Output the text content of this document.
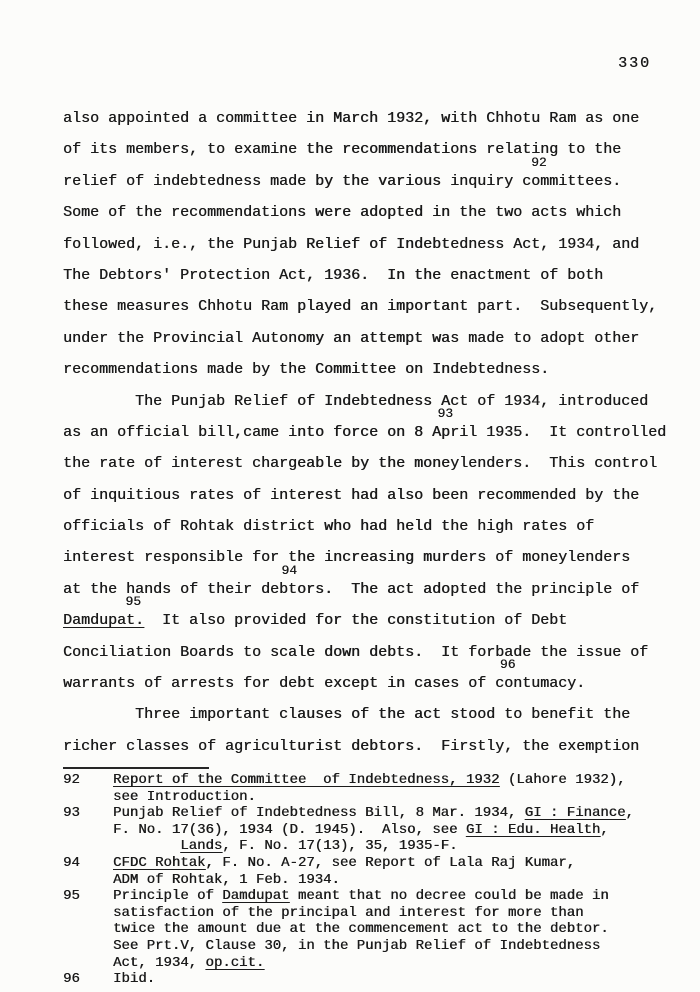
330
also appointed a committee in March 1932, with Chhotu Ram as one
of its members, to examine the recommendations relating to the
relief of indebtedness made by the various inquiry committees.
92
Some of the recommendations were adopted in the two acts which
followed, i.e., the Punjab Relief of Indebtedness Act, 1934, and
The Debtors' Protection Act, 1936.  In the enactment of both
these measures Chhotu Ram played an important part.  Subsequently,
under the Provincial Autonomy an attempt was made to adopt other
recommendations made by the Committee on Indebtedness.
The Punjab Relief of Indebtedness Act of 1934, introduced
as an official bill,came into force on 8 April 1935.  It controlled
93
the rate of interest chargeable by the moneylenders.  This control
of inquitious rates of interest had also been recommended by the
officials of Rohtak district who had held the high rates of
interest responsible for the increasing murders of moneylenders
at the hands of their debtors.  The act adopted the principle of
94
Damdupat.  It also provided for the constitution of Debt
95
Conciliation Boards to scale down debts.  It forbade the issue of
warrants of arrests for debt except in cases of contumacy.
96
Three important clauses of the act stood to benefit the
richer classes of agriculturist debtors.  Firstly, the exemption
92	Report of the Committee  of Indebtedness, 1932 (Lahore 1932),
see Introduction.
93	Punjab Relief of Indebtedness Bill, 8 Mar. 1934, GI : Finance,
F. No. 17(36), 1934 (D. 1945).  Also, see GI : Edu. Health,
Lands, F. No. 17(13), 35, 1935-F.
94	CFDC Rohtak, F. No. A-27, see Report of Lala Raj Kumar,
ADM of Rohtak, 1 Feb. 1934.
95	Principle of Damdupat meant that no decree could be made in
satisfaction of the principal and interest for more than
twice the amount due at the commencement act to the debtor.
See Prt.V, Clause 30, in the Punjab Relief of Indebtedness
Act, 1934, op.cit.
96	Ibid.
